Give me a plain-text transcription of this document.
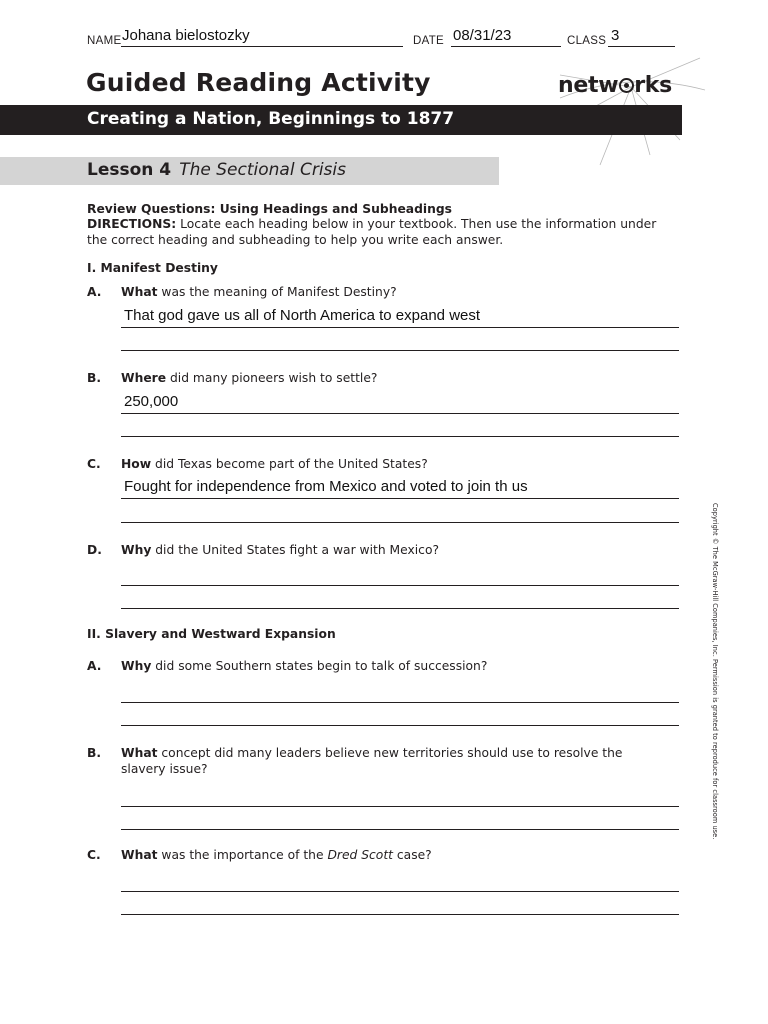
NAME Johana bielostozky	DATE 08/31/23	CLASS 3
Guided Reading Activity	netw rks
Creating a Nation, Beginnings to 1877
Lesson 4 The Sectional Crisis
Review Questions: Using Headings and Subheadings
DIRECTIONS: Locate each heading below in your textbook. Then use the information under
the correct heading and subheading to help you write each answer.
I. Manifest Destiny
A. What was the meaning of Manifest Destiny?
That god gave us all of North America to expand west
B. Where did many pioneers wish to settle?
250,000
C. How did Texas become part of the United States?
Fought for independence from Mexico and voted to join th us
D. Why did the United States fight a war with Mexico?
II. Slavery and Westward Expansion
A. Why did some Southern states begin to talk of succession?
B. What concept did many leaders believe new territories should use to resolve the
slavery issue?
C. What was the importance of the Dred Scott case?
Copyright © The McGraw-Hill Companies, Inc. Permission is granted to reproduce for classroom use.
